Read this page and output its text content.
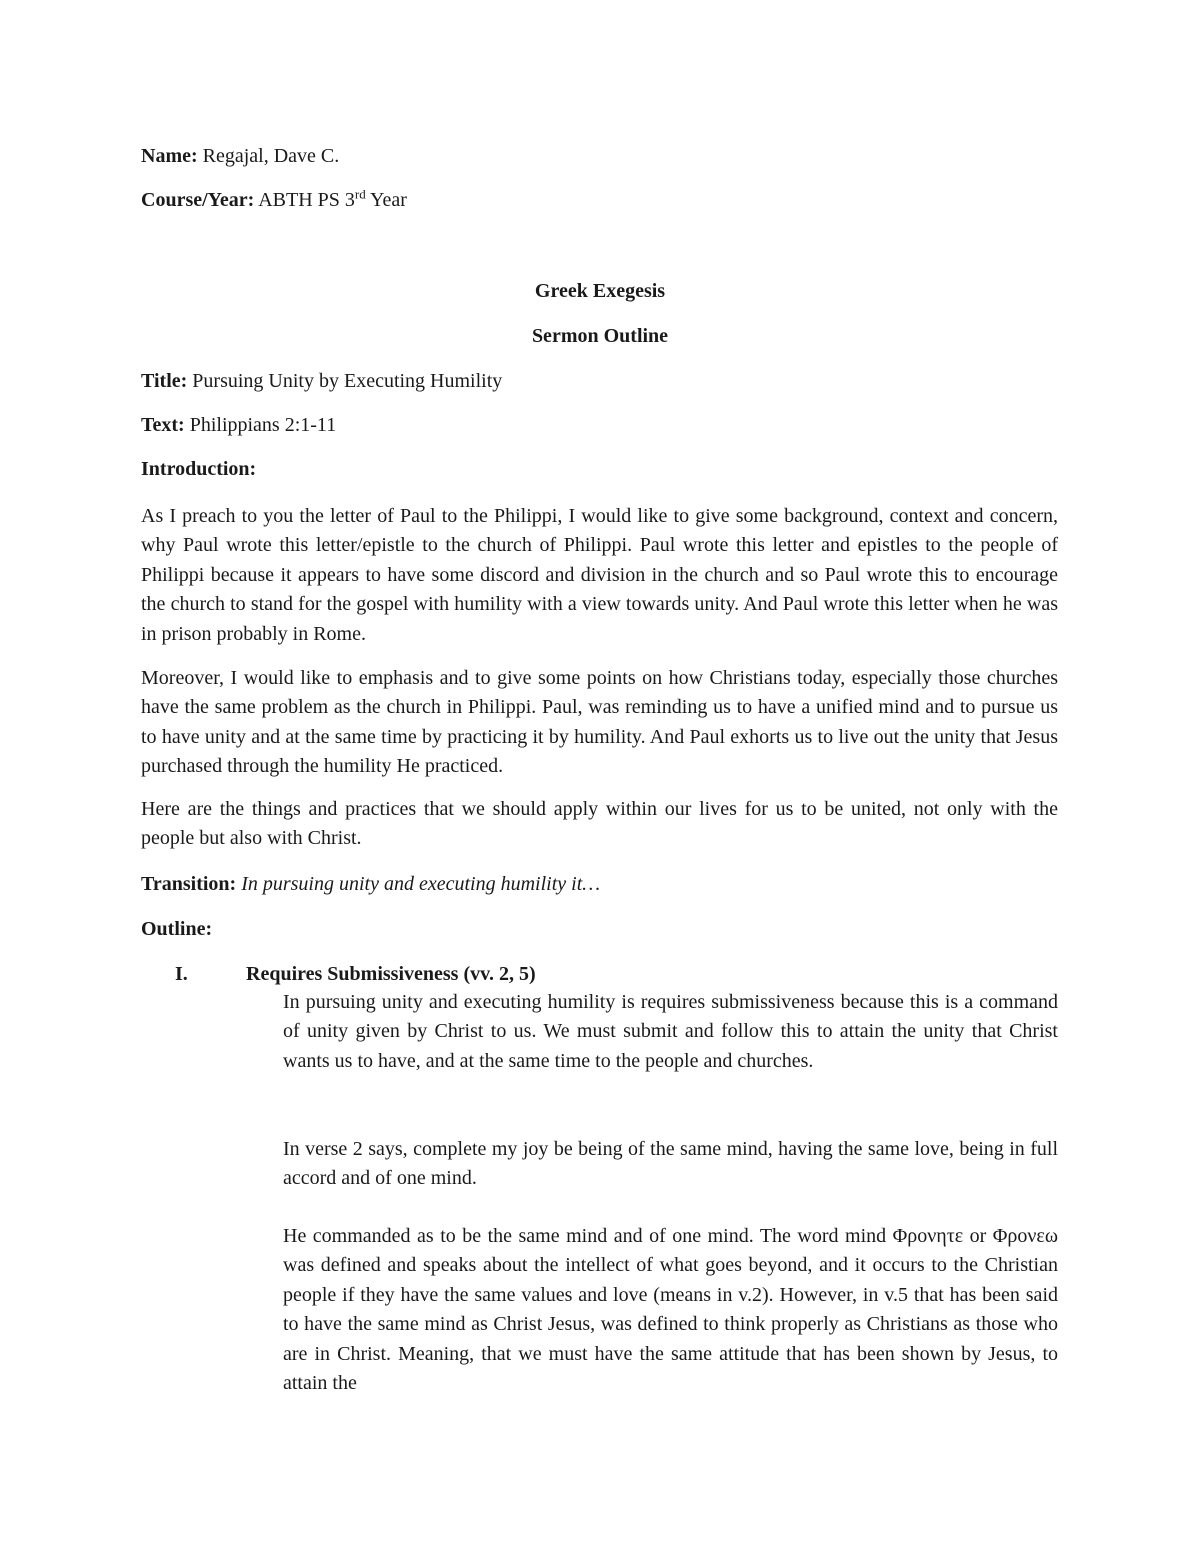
Name: Regajal, Dave C.
Course/Year: ABTH PS 3rd Year
Greek Exegesis
Sermon Outline
Title: Pursuing Unity by Executing Humility
Text: Philippians 2:1-11
Introduction:
As I preach to you the letter of Paul to the Philippi, I would like to give some background, context and concern, why Paul wrote this letter/epistle to the church of Philippi. Paul wrote this letter and epistles to the people of Philippi because it appears to have some discord and division in the church and so Paul wrote this to encourage the church to stand for the gospel with humility with a view towards unity. And Paul wrote this letter when he was in prison probably in Rome.
Moreover, I would like to emphasis and to give some points on how Christians today, especially those churches have the same problem as the church in Philippi. Paul, was reminding us to have a unified mind and to pursue us to have unity and at the same time by practicing it by humility. And Paul exhorts us to live out the unity that Jesus purchased through the humility He practiced.
Here are the things and practices that we should apply within our lives for us to be united, not only with the people but also with Christ.
Transition: In pursuing unity and executing humility it…
Outline:
I.	Requires Submissiveness (vv. 2, 5)
In pursuing unity and executing humility is requires submissiveness because this is a command of unity given by Christ to us. We must submit and follow this to attain the unity that Christ wants us to have, and at the same time to the people and churches.
In verse 2 says, complete my joy be being of the same mind, having the same love, being in full accord and of one mind.
He commanded as to be the same mind and of one mind. The word mind Φρονητε or Φρονεω was defined and speaks about the intellect of what goes beyond, and it occurs to the Christian people if they have the same values and love (means in v.2). However, in v.5 that has been said to have the same mind as Christ Jesus, was defined to think properly as Christians as those who are in Christ. Meaning, that we must have the same attitude that has been shown by Jesus, to attain the
